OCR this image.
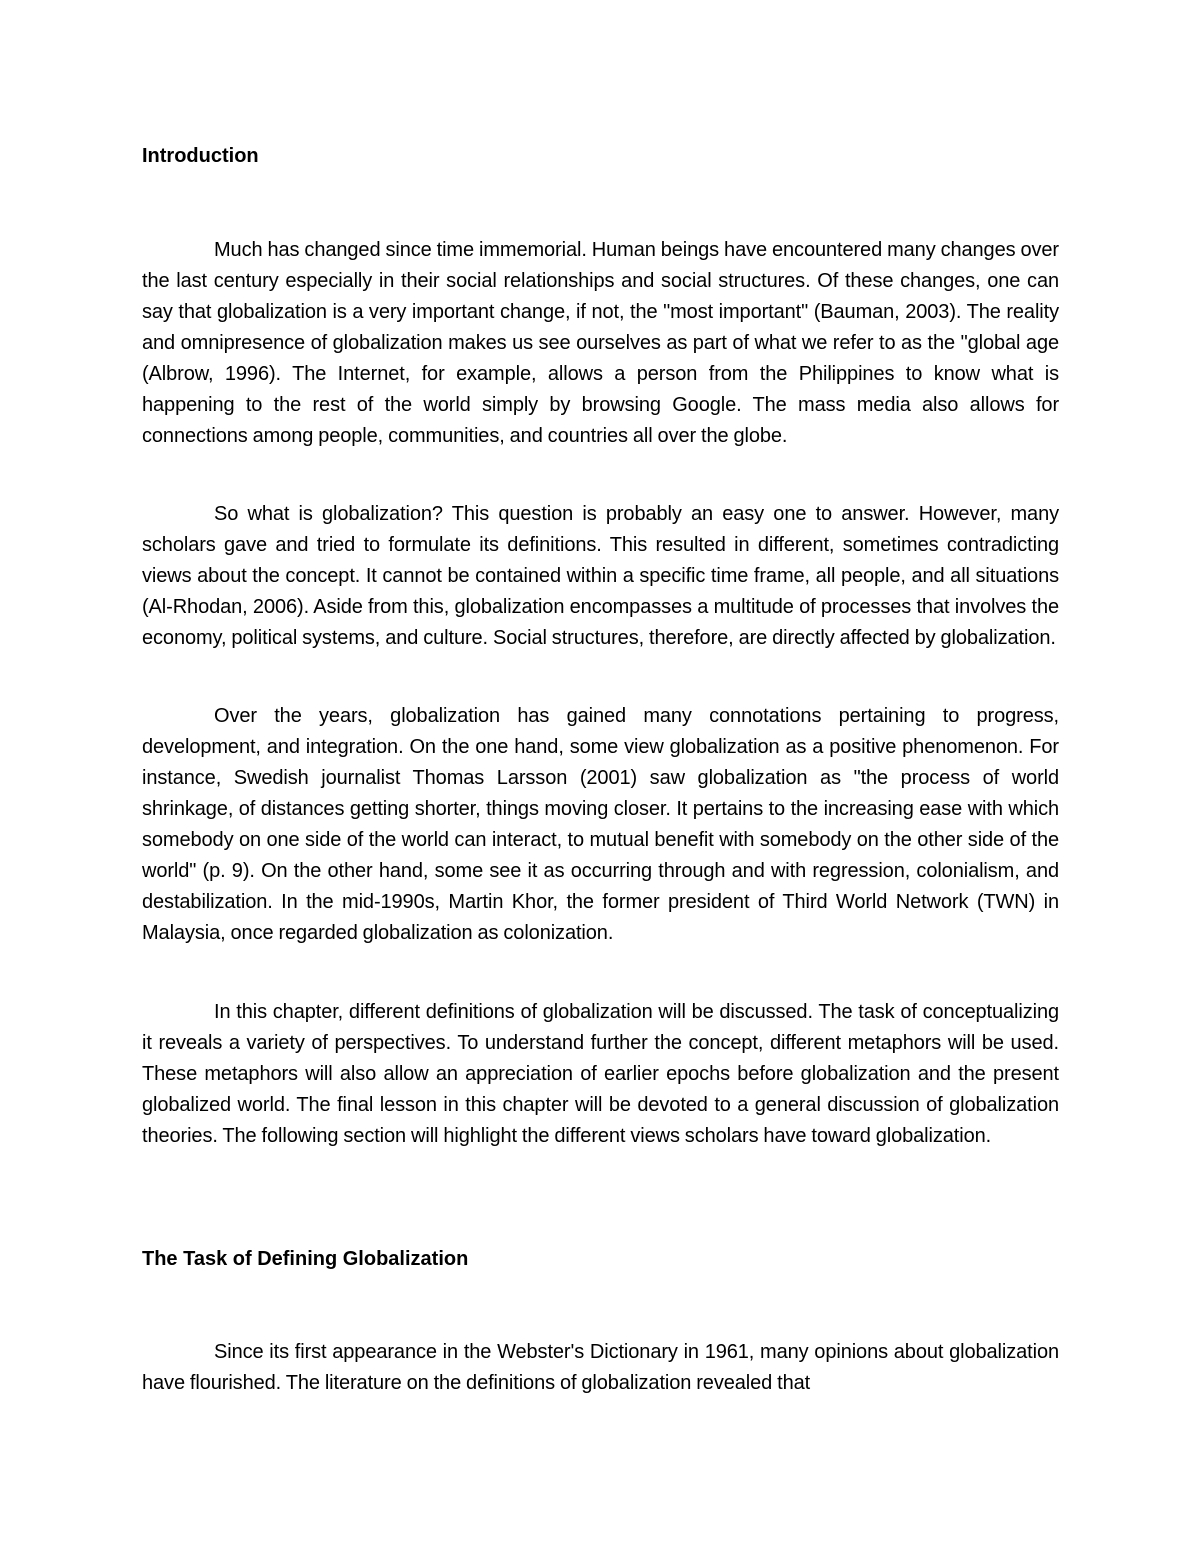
Introduction

Much has changed since time immemorial. Human beings have encountered many changes over the last century especially in their social relationships and social structures. Of these changes, one can say that globalization is a very important change, if not, the "most important" (Bauman, 2003). The reality and omnipresence of globalization makes us see ourselves as part of what we refer to as the "global age (Albrow, 1996). The Internet, for example, allows a person from the Philippines to know what is happening to the rest of the world simply by browsing Google. The mass media also allows for connections among people, communities, and countries all over the globe.

So what is globalization? This question is probably an easy one to answer. However, many scholars gave and tried to formulate its definitions. This resulted in different, sometimes contradicting views about the concept. It cannot be contained within a specific time frame, all people, and all situations (Al-Rhodan, 2006). Aside from this, globalization encompasses a multitude of processes that involves the economy, political systems, and culture. Social structures, therefore, are directly affected by globalization.

Over the years, globalization has gained many connotations pertaining to progress, development, and integration. On the one hand, some view globalization as a positive phenomenon. For instance, Swedish journalist Thomas Larsson (2001) saw globalization as "the process of world shrinkage, of distances getting shorter, things moving closer. It pertains to the increasing ease with which somebody on one side of the world can interact, to mutual benefit with somebody on the other side of the world" (p. 9). On the other hand, some see it as occurring through and with regression, colonialism, and destabilization. In the mid-1990s, Martin Khor, the former president of Third World Network (TWN) in Malaysia, once regarded globalization as colonization.

In this chapter, different definitions of globalization will be discussed. The task of conceptualizing it reveals a variety of perspectives. To understand further the concept, different metaphors will be used. These metaphors will also allow an appreciation of earlier epochs before globalization and the present globalized world. The final lesson in this chapter will be devoted to a general discussion of globalization theories. The following section will highlight the different views scholars have toward globalization.

The Task of Defining Globalization

Since its first appearance in the Webster's Dictionary in 1961, many opinions about globalization have flourished. The literature on the definitions of globalization revealed that
